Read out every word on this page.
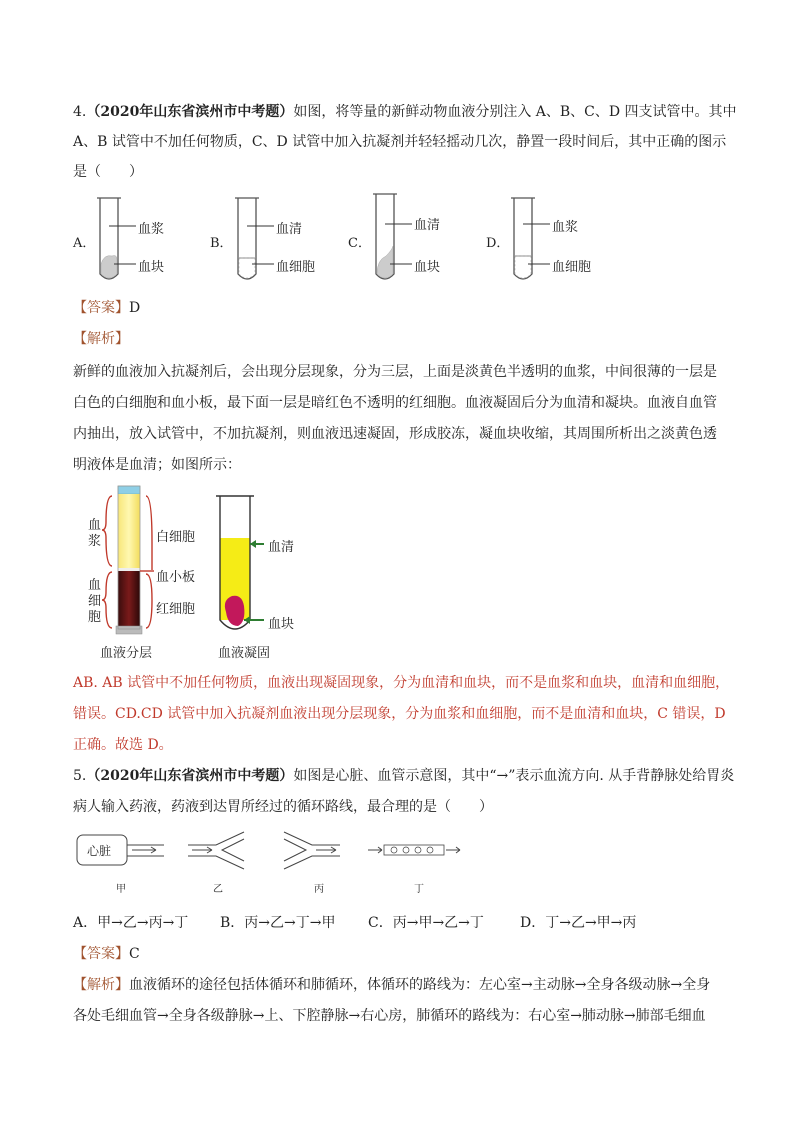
4.（2020年山东省滨州市中考题）如图，将等量的新鲜动物血液分别注入 A、B、C、D 四支试管中。其中
A、B 试管中不加任何物质，C、D 试管中加入抗凝剂并轻轻摇动几次，静置一段时间后，其中正确的图示
是（　　）
A．
血浆
血块
B．
血清
血细胞
C．
血清
血块
D．
血浆
血细胞
【答案】D
【解析】
新鲜的血液加入抗凝剂后，会出现分层现象，分为三层，上面是淡黄色半透明的血浆，中间很薄的一层是
白色的白细胞和血小板，最下面一层是暗红色不透明的红细胞。血液凝固后分为血清和凝块。血液自血管
内抽出，放入试管中，不加抗凝剂，则血液迅速凝固，形成胶冻，凝血块收缩，其周围所析出之淡黄色透
明液体是血清；如图所示：
血浆
血细胞
白细胞
血小板
红细胞
血清
血块
血液分层	血液凝固
AB. AB 试管中不加任何物质，血液出现凝固现象，分为血清和血块，而不是血浆和血块，血清和血细胞，
错误。CD.CD 试管中加入抗凝剂血液出现分层现象，分为血浆和血细胞，而不是血清和血块，C 错误，D
正确。故选 D。
5.（2020年山东省滨州市中考题）如图是心脏、血管示意图，其中“→”表示血流方向. 从手背静脉处给胃炎
病人输入药液，药液到达胃所经过的循环路线，最合理的是（　　）
心脏
甲	乙	丙	丁
A．甲→乙→丙→丁 B．丙→乙→丁→甲 C．丙→甲→乙→丁	D．丁→乙→甲→丙
【答案】C
【解析】血液循环的途径包括体循环和肺循环，体循环的路线为：左心室→主动脉→全身各级动脉→全身
各处毛细血管→全身各级静脉→上、下腔静脉→右心房，肺循环的路线为：右心室→肺动脉→肺部毛细血
